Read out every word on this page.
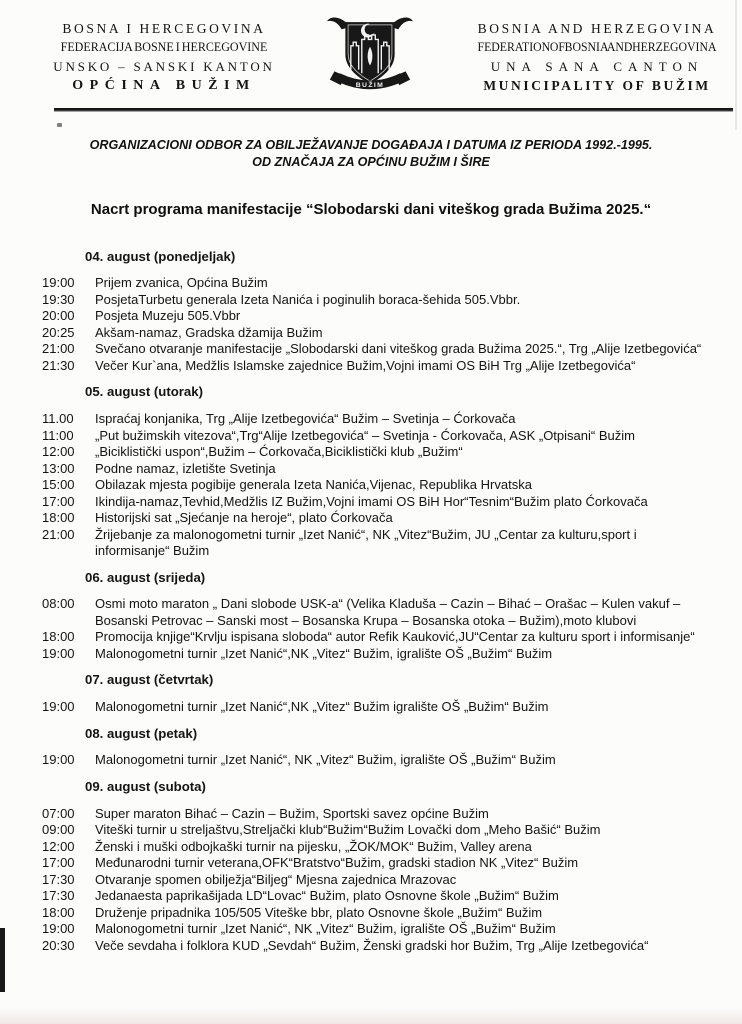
BOSNA I HERCEGOVINA
FEDERACIJA BOSNE I HERCEGOVINE
UNSKO – SANSKI KANTON
OPĆINA BUŽIM	BUŽIM
BOSNIA AND HERZEGOVINA
FEDERATION OF BOSNIA AND HERZEGOVINA
UNA SANA CANTON
MUNICIPALITY OF BUŽIM
ORGANIZACIONI ODBOR ZA OBILJEŽAVANJE DOGAĐAJA I DATUMA IZ PERIODA 1992.-1995.
OD ZNAČAJA ZA OPĆINU BUŽIM I ŠIRE
Nacrt programa manifestacije “Slobodarski dani viteškog grada Bužima 2025.“
04. august (ponedjeljak)
19:00	Prijem zvanica, Općina Bužim
19:30	PosjetaTurbetu generala Izeta Nanića i poginulih boraca-šehida 505.Vbbr.
20:00	Posjeta Muzeju 505.Vbbr
20:25	Akšam-namaz, Gradska džamija Bužim
21:00	Svečano otvaranje manifestacije „Slobodarski dani viteškog grada Bužima 2025.“, Trg „Alije Izetbegovića“
21:30	Večer Kur`ana, Medžlis Islamske zajednice Bužim,Vojni imami OS BiH Trg „Alije Izetbegovića“
05. august (utorak)
11.00	Ispraćaj konjanika, Trg „Alije Izetbegovića“ Bužim – Svetinja – Ćorkovača
11:00	„Put bužimskih vitezova“,Trg“Alije Izetbegovića“ – Svetinja - Ćorkovača, ASK „Otpisani“ Bužim
12:00	„Biciklistički uspon“,Bužim – Ćorkovača,Biciklistički klub „Bužim“
13:00	Podne namaz, izletište Svetinja
15:00	Obilazak mjesta pogibije generala Izeta Nanića,Vijenac, Republika Hrvatska
17:00	Ikindija-namaz,Tevhid,Medžlis IZ Bužim,Vojni imami OS BiH Hor“Tesnim“Bužim plato Ćorkovača
18:00	Historijski sat „Sjećanje na heroje“, plato Ćorkovača
21:00	Žrijebanje za malonogometni turnir „Izet Nanić“, NK „Vitez“Bužim, JU „Centar za kulturu,sport i informisanje“ Bužim
06. august (srijeda)
08:00	Osmi moto maraton „ Dani slobode USK-a“ (Velika Kladuša – Cazin – Bihać – Orašac – Kulen vakuf – Bosanski Petrovac – Sanski most – Bosanska Krupa – Bosanska otoka – Bužim),moto klubovi
18:00	Promocija knjige“Krvlju ispisana sloboda“ autor Refik Kauković,JU“Centar za kulturu sport i informisanje“
19:00	Malonogometni turnir „Izet Nanić“,NK „Vitez“ Bužim, igralište OŠ „Bužim“ Bužim
07. august (četvrtak)
19:00	Malonogometni turnir „Izet Nanić“,NK „Vitez“ Bužim igralište OŠ „Bužim“ Bužim
08. august (petak)
19:00	Malonogometni turnir „Izet Nanić“, NK „Vitez“ Bužim, igralište OŠ „Bužim“ Bužim
09. august (subota)
07:00	Super maraton Bihać – Cazin – Bužim, Sportski savez općine Bužim
09:00	Viteški turnir u streljaštvu,Streljački klub“Bužim“Bužim Lovački dom „Meho Bašić“ Bužim
12:00	Ženski i muški odbojkaški turnir na pijesku, „ŽOK/MOK“ Bužim, Valley arena
17:00	Međunarodni turnir veterana,OFK“Bratstvo“Bužim, gradski stadion NK „Vitez“ Bužim
17:30	Otvaranje spomen obilježja“Biljeg“ Mjesna zajednica Mrazovac
17:30	Jedanaesta paprikašijada LD“Lovac“ Bužim, plato Osnovne škole „Bužim“ Bužim
18:00	Druženje pripadnika 105/505 Viteške bbr, plato Osnovne škole „Bužim“ Bužim
19:00	Malonogometni turnir „Izet Nanić“, NK „Vitez“ Bužim, igralište OŠ „Bužim“ Bužim
20:30	Veče sevdaha i folklora KUD „Sevdah“ Bužim, Ženski gradski hor Bužim, Trg „Alije Izetbegovića“
